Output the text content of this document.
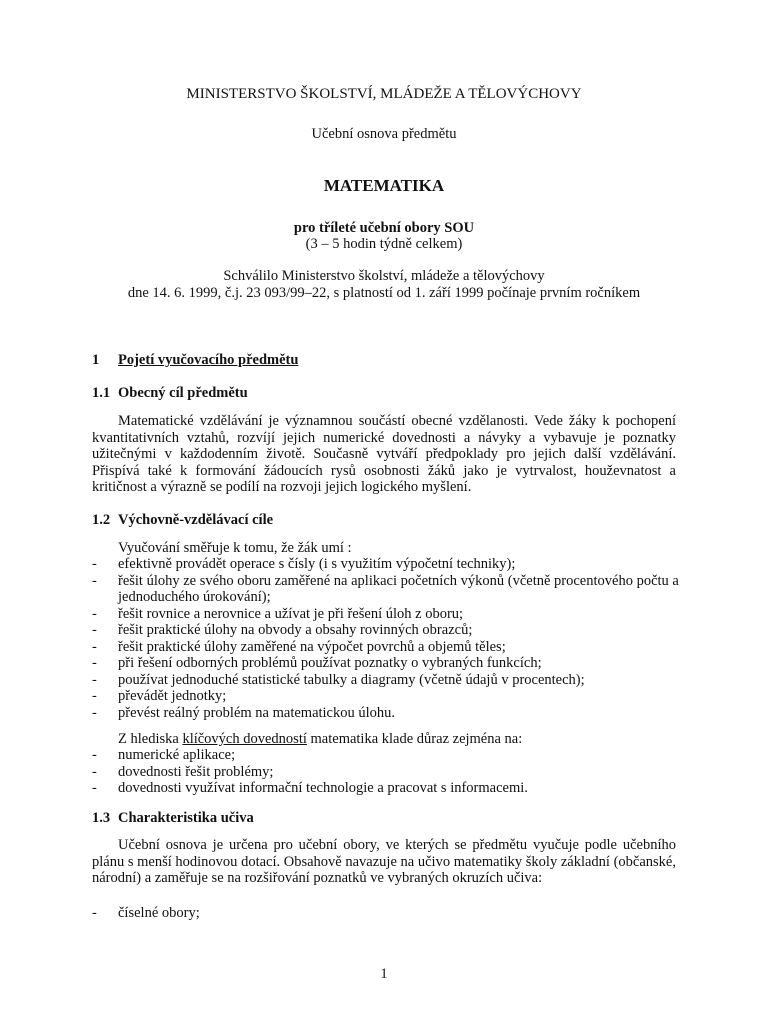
MINISTERSTVO ŠKOLSTVÍ, MLÁDEŽE A TĚLOVÝCHOVY
Učební osnova předmětu
MATEMATIKA
pro tříleté učební obory SOU
(3 – 5 hodin týdně celkem)
Schválilo Ministerstvo školství, mládeže a tělovýchovy
dne 14. 6. 1999, č.j. 23 093/99–22, s platností od 1. září 1999 počínaje prvním ročníkem
1 Pojetí vyučovacího předmětu
1.1 Obecný cíl předmětu

Matematické vzdělávání je významnou součástí obecné vzdělanosti. Vede žáky k pochopení kvantitativních vztahů, rozvíjí jejich numerické dovednosti a návyky a vybavuje je poznatky užitečnými v každodenním životě. Současně vytváří předpoklady pro jejich další vzdělávání. Přispívá také k formování žádoucích rysů osobnosti žáků jako je vytrvalost, houževnatost a kritičnost a výrazně se podílí na rozvoji jejich logického myšlení.

1.2 Výchovně-vzdělávací cíle

Vyučování směřuje k tomu, že žák umí :

- efektivně provádět operace s čísly (i s využitím výpočetní techniky);
- řešit úlohy ze svého oboru zaměřené na aplikaci početních výkonů (včetně procentového počtu a jednoduchého úrokování);
- řešit rovnice a nerovnice a užívat je při řešení úloh z oboru;
- řešit praktické úlohy na obvody a obsahy rovinných obrazců;
- řešit praktické úlohy zaměřené na výpočet povrchů a objemů těles;
- při řešení odborných problémů používat poznatky o vybraných funkcích;
- používat jednoduché statistické tabulky a diagramy (včetně údajů v procentech);
- převádět jednotky;
- převést reálný problém na matematickou úlohu.

Z hlediska klíčových dovedností matematika klade důraz zejména na:

- numerické aplikace;
- dovednosti řešit problémy;
- dovednosti využívat informační technologie a pracovat s informacemi.
1.3 Charakteristika učiva

Učební osnova je určena pro učební obory, ve kterých se předmětu vyučuje podle učebního plánu s menší hodinovou dotací. Obsahově navazuje na učivo matematiky školy základní (občanské, národní) a zaměřuje se na rozšiřování poznatků ve vybraných okruzích učiva:

- číselné obory;
1
